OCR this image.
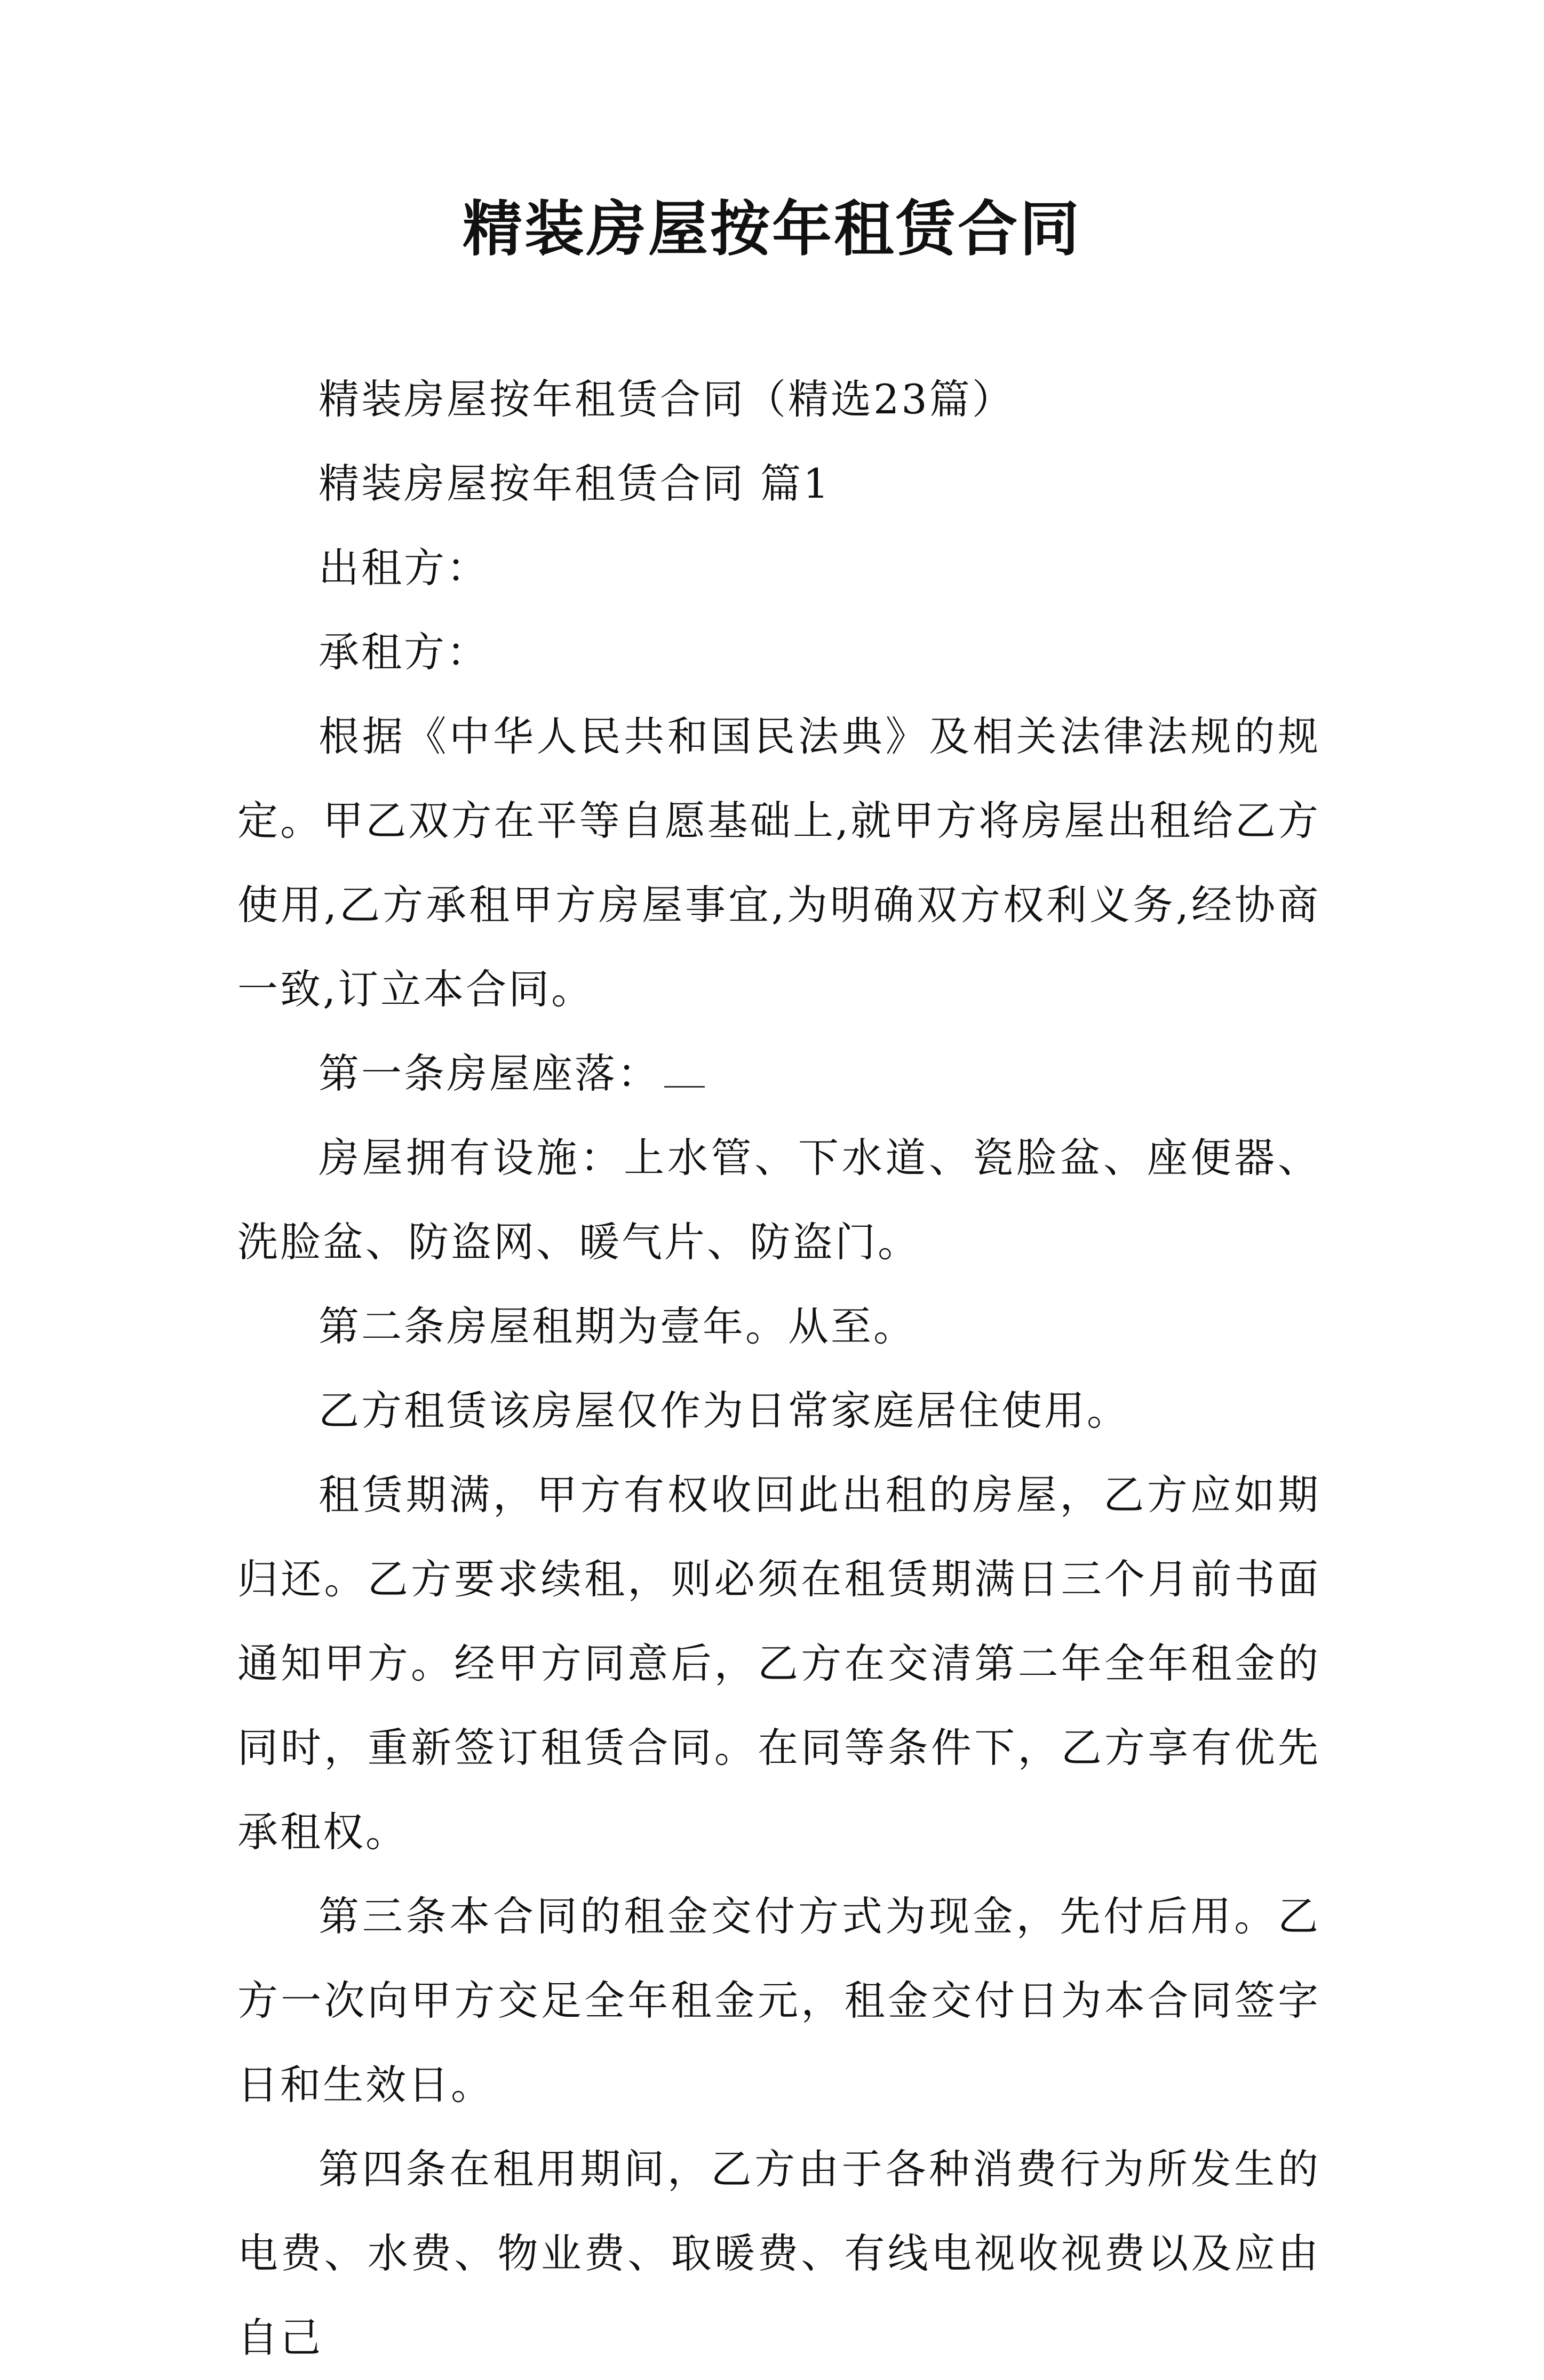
精装房屋按年租赁合同

精装房屋按年租赁合同（精选23篇）

精装房屋按年租赁合同 篇1

出租方：

承租方：

根据《中华人民共和国民法典》及相关法律法规的规定。甲乙双方在平等自愿基础上,就甲方将房屋出租给乙方使用,乙方承租甲方房屋事宜,为明确双方权利义务,经协商一致,订立本合同。

第一条房屋座落：

房屋拥有设施：上水管、下水道、瓷脸盆、座便器、洗脸盆、防盗网、暖气片、防盗门。

第二条房屋租期为壹年。从至。

乙方租赁该房屋仅作为日常家庭居住使用。

租赁期满，甲方有权收回此出租的房屋，乙方应如期归还。乙方要求续租，则必须在租赁期满日三个月前书面通知甲方。经甲方同意后，乙方在交清第二年全年租金的同时，重新签订租赁合同。在同等条件下，乙方享有优先承租权。

第三条本合同的租金交付方式为现金，先付后用。乙方一次向甲方交足全年租金元，租金交付日为本合同签字日和生效日。

第四条在租用期间，乙方由于各种消费行为所发生的电费、水费、物业费、取暖费、有线电视收视费以及应由自己
